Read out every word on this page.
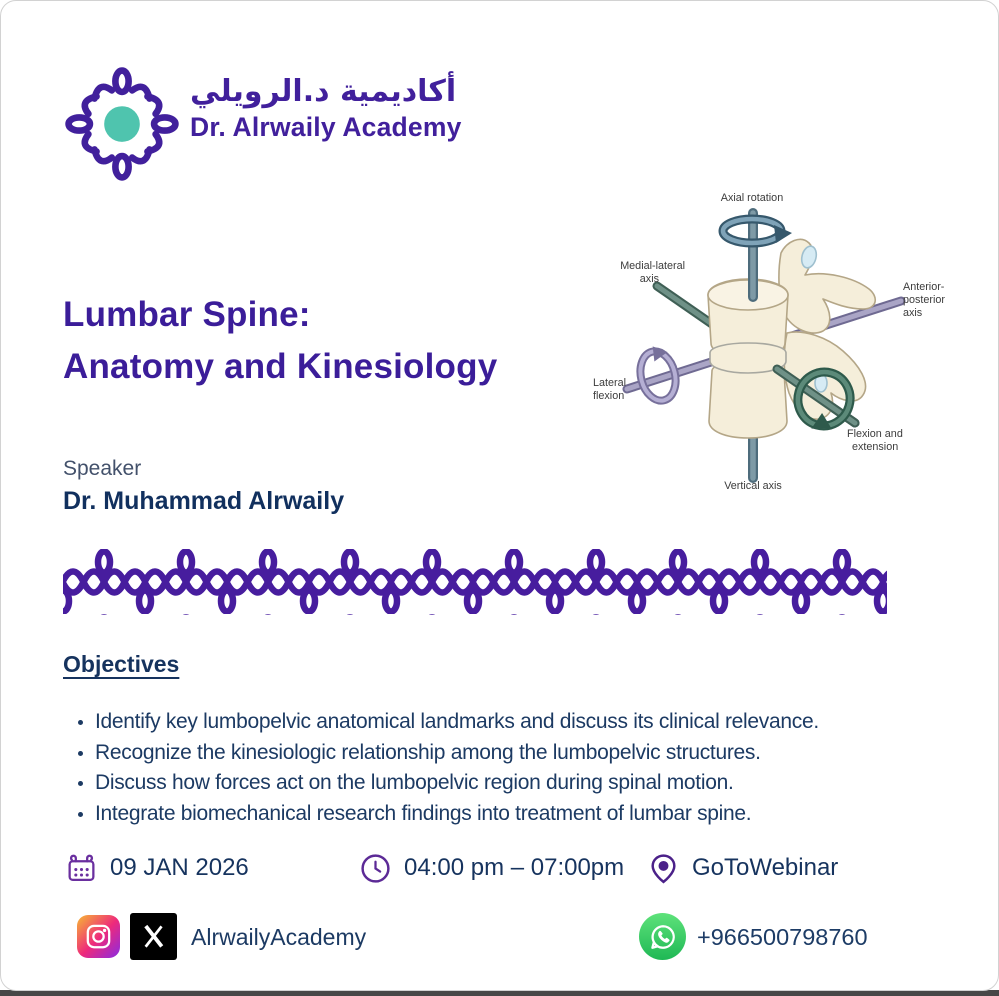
أكاديمية د.الرويلي
Dr. Alrwaily Academy
Lumbar Spine:
Anatomy and Kinesiology
Axial rotation
Medial-lateral
axis
Anterior-
posterior
axis
Lateral
flexion
Flexion and
extension
Vertical axis
Speaker
Dr. Muhammad Alrwaily
Objectives
• Identify key lumbopelvic anatomical landmarks and discuss its clinical relevance.
• Recognize the kinesiologic relationship among the lumbopelvic structures.
• Discuss how forces act on the lumbopelvic region during spinal motion.
• Integrate biomechanical research findings into treatment of lumbar spine.
09 JAN 2026	04:00 pm – 07:00pm	GoToWebinar
AlrwailyAcademy	+966500798760
